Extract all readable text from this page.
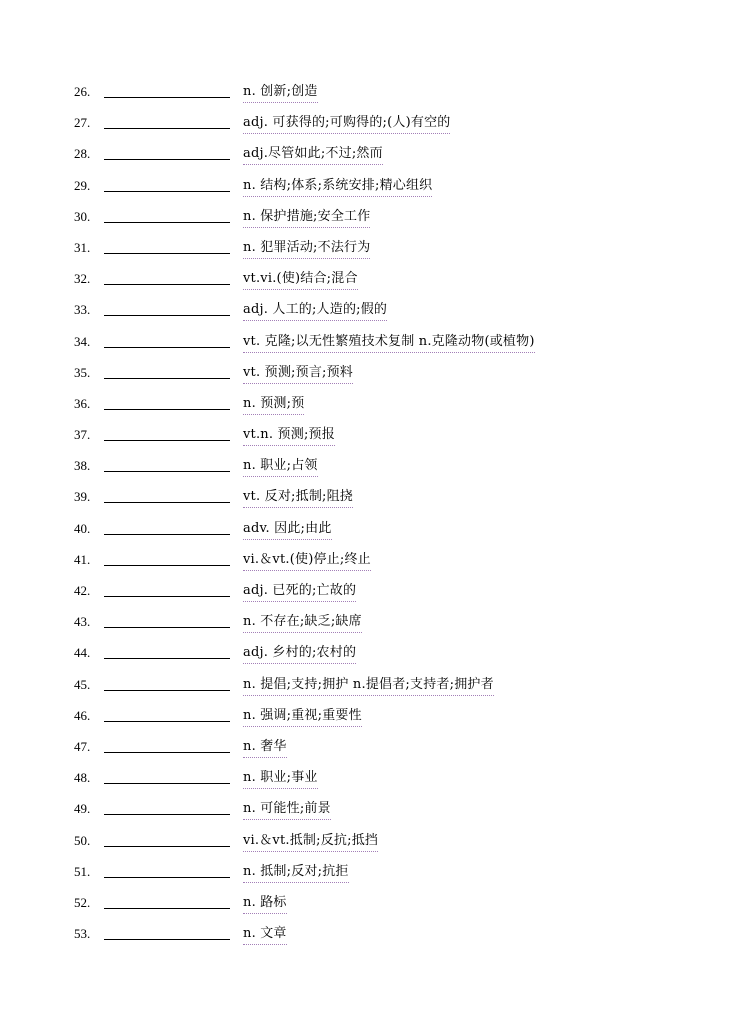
26.	n. 创新;创造
27.	adj. 可获得的;可购得的;(人)有空的
28.	adj.尽管如此;不过;然而
29.	n. 结构;体系;系统安排;精心组织
30.	n. 保护措施;安全工作
31.	n. 犯罪活动;不法行为
32.	vt.vi.(使)结合;混合
33.	adj. 人工的;人造的;假的
34.	vt. 克隆;以无性繁殖技术复制 n.克隆动物(或植物)
35.	vt. 预测;预言;预料
36.	n. 预测;预
37.	vt.n. 预测;预报
38.	n. 职业;占领
39.	vt. 反对;抵制;阻挠
40.	adv. 因此;由此
41.	vi.＆vt.(使)停止;终止
42.	adj. 已死的;亡故的
43.	n. 不存在;缺乏;缺席
44.	adj. 乡村的;农村的
45.	n. 提倡;支持;拥护 n.提倡者;支持者;拥护者
46.	n. 强调;重视;重要性
47.	n. 奢华
48.	n. 职业;事业
49.	n. 可能性;前景
50.	vi.＆vt.抵制;反抗;抵挡
51.	n. 抵制;反对;抗拒
52.	n. 路标
53.	n. 文章
